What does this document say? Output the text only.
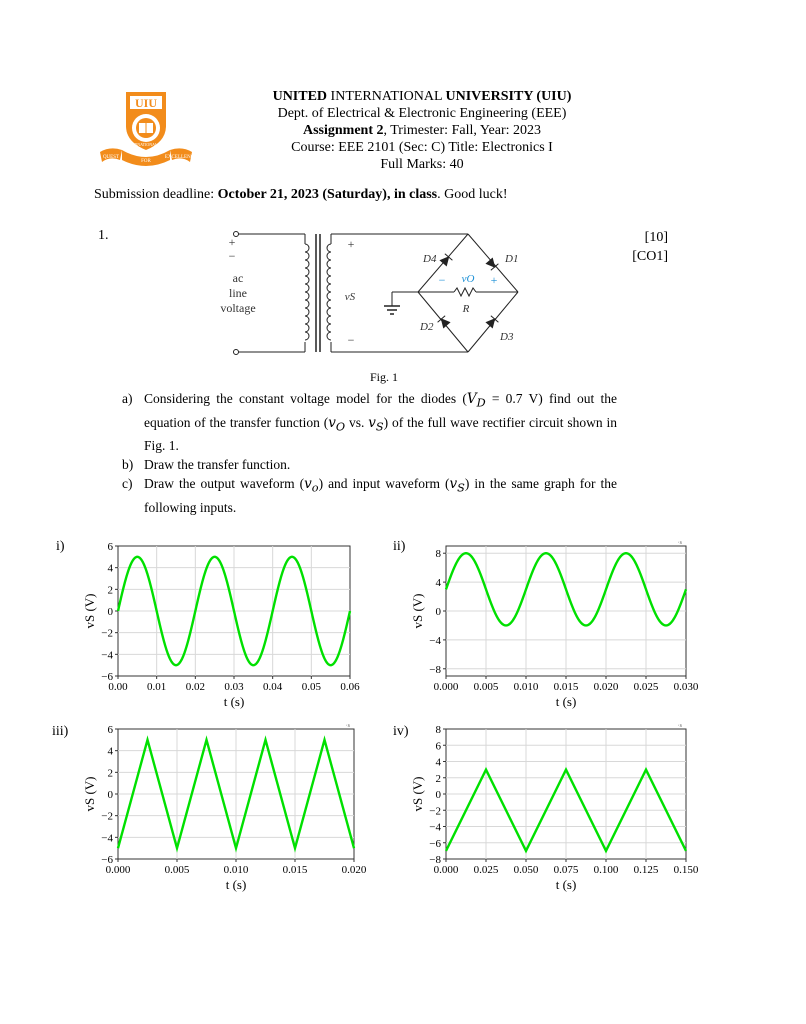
UIU
QUEST
FOR
EXCELLENCE
UNITED INTERNATIONAL UNIVERSITY
UNITED INTERNATIONAL UNIVERSITY (UIU)
Dept. of Electrical & Electronic Engineering (EEE)
Assignment 2, Trimester: Fall, Year: 2023
Course: EEE 2101 (Sec: C) Title: Electronics I
Full Marks: 40
Submission deadline: October 21, 2023 (Saturday), in class. Good luck!
1.	[10]
[CO1]
+
−
ac
line
voltage
+
−
vS
D4	D1
D2
D3
R
vO
−	+
Fig. 1
a) Considering the constant voltage model for the diodes ($V_D = 0.7$ V) find out the equation of the transfer function ($v_O$ vs. $v_S$) of the full wave rectifier circuit shown in Fig. 1.
b) Draw the transfer function.
c) Draw the output waveform $(v_o)$ and input waveform $(v_S)$ in the same graph for the following inputs.
i)	ii)
iii)	iv)
0.00 0.01 0.02 0.03 0.04 0.05 0.06
−6
−4
−2
0
2
4
6
t (s)
vS (V)
0.000 0.005 0.010 0.015 0.020 0.025 0.030
−8
−4
0
4
8
t (s)
vS (V)
·s
0.000	0.005	0.010	0.015	0.020
−6
−4
−2
0
2
4
6
t (s)
vS (V)
·s
0.000 0.025 0.050 0.075 0.100 0.125 0.150
−8
−6
−4
−2
0
2
4
6
8
t (s)
vS (V)
·s
